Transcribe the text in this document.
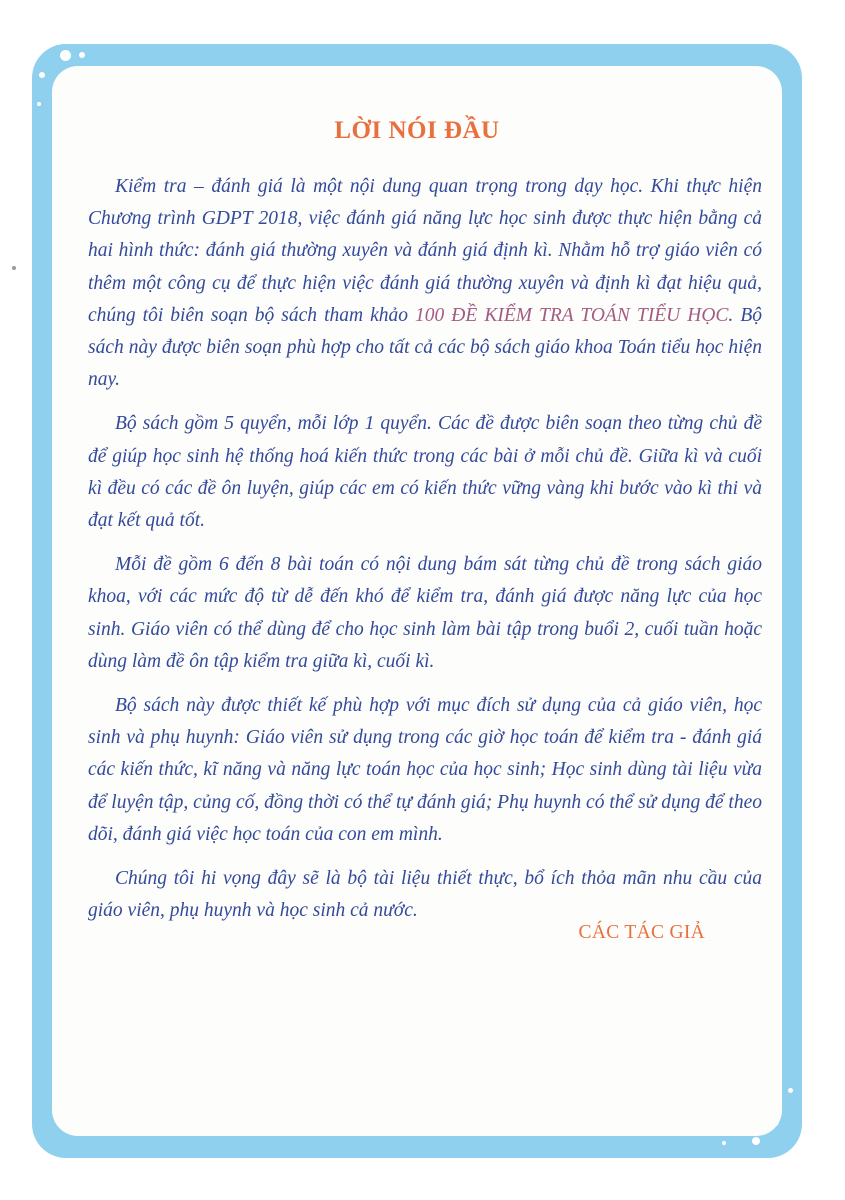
LỜI NÓI ĐẦU

Kiểm tra – đánh giá là một nội dung quan trọng trong dạy học. Khi thực hiện Chương trình GDPT 2018, việc đánh giá năng lực học sinh được thực hiện bằng cả hai hình thức: đánh giá thường xuyên và đánh giá định kì. Nhằm hỗ trợ giáo viên có thêm một công cụ để thực hiện việc đánh giá thường xuyên và định kì đạt hiệu quả, chúng tôi biên soạn bộ sách tham khảo 100 ĐỀ KIỂM TRA TOÁN TIỂU HỌC. Bộ sách này được biên soạn phù hợp cho tất cả các bộ sách giáo khoa Toán tiểu học hiện nay.

Bộ sách gồm 5 quyển, mỗi lớp 1 quyển. Các đề được biên soạn theo từng chủ đề để giúp học sinh hệ thống hoá kiến thức trong các bài ở mỗi chủ đề. Giữa kì và cuối kì đều có các đề ôn luyện, giúp các em có kiến thức vững vàng khi bước vào kì thi và đạt kết quả tốt.

Mỗi đề gồm 6 đến 8 bài toán có nội dung bám sát từng chủ đề trong sách giáo khoa, với các mức độ từ dễ đến khó để kiểm tra, đánh giá được năng lực của học sinh. Giáo viên có thể dùng để cho học sinh làm bài tập trong buổi 2, cuối tuần hoặc dùng làm đề ôn tập kiểm tra giữa kì, cuối kì.

Bộ sách này được thiết kế phù hợp với mục đích sử dụng của cả giáo viên, học sinh và phụ huynh: Giáo viên sử dụng trong các giờ học toán để kiểm tra - đánh giá các kiến thức, kĩ năng và năng lực toán học của học sinh; Học sinh dùng tài liệu vừa để luyện tập, củng cố, đồng thời có thể tự đánh giá; Phụ huynh có thể sử dụng để theo dõi, đánh giá việc học toán của con em mình.

Chúng tôi hi vọng đây sẽ là bộ tài liệu thiết thực, bổ ích thỏa mãn nhu cầu của giáo viên, phụ huynh và học sinh cả nước.

CÁC TÁC GIẢ
